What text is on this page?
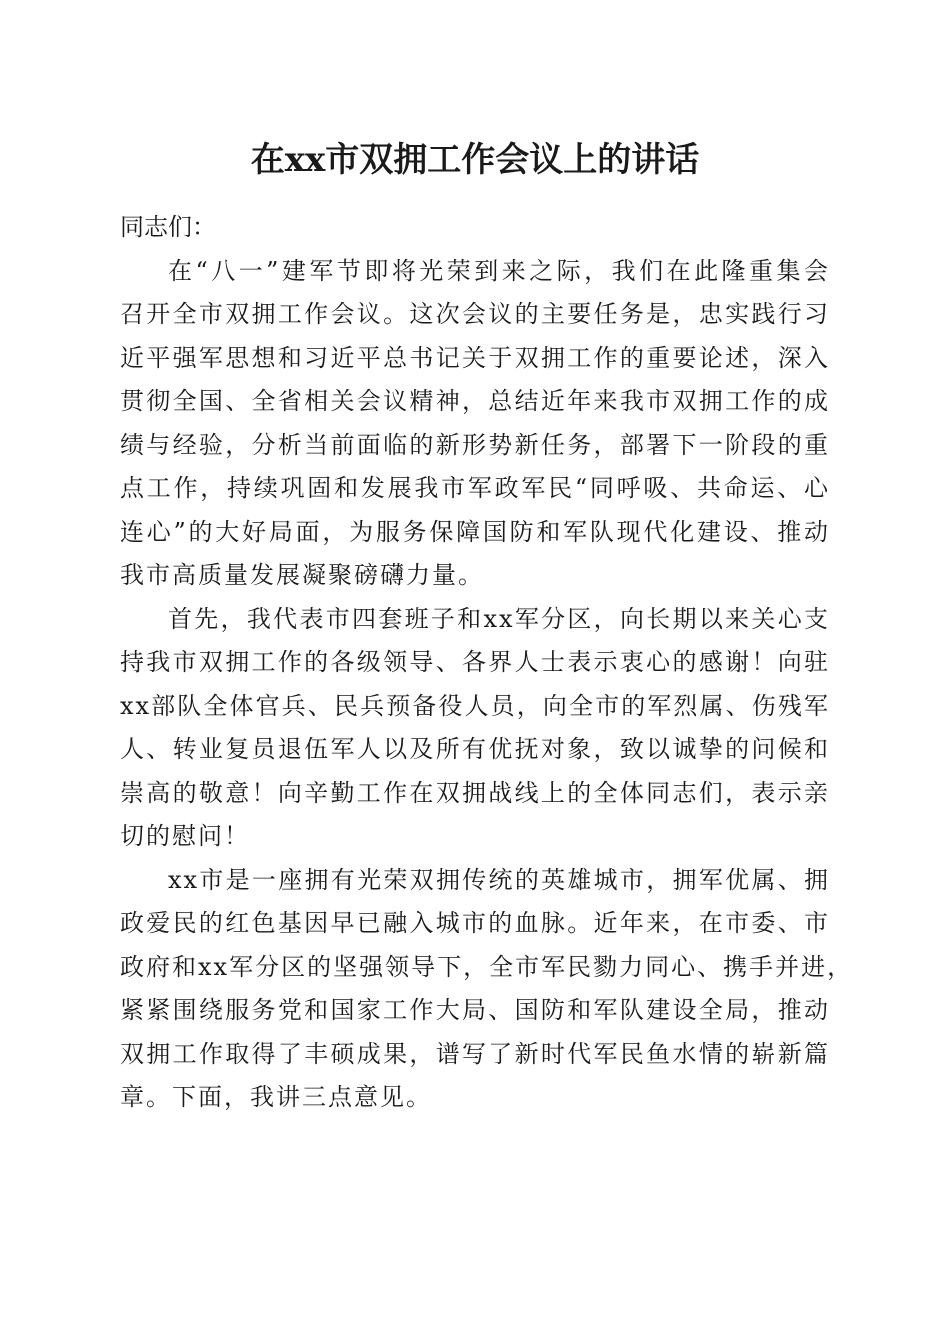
在xx市双拥工作会议上的讲话

同志们：

在“八一”建军节即将光荣到来之际，我们在此隆重集会
召开全市双拥工作会议。这次会议的主要任务是，忠实践行习
近平强军思想和习近平总书记关于双拥工作的重要论述，深入
贯彻全国、全省相关会议精神，总结近年来我市双拥工作的成
绩与经验，分析当前面临的新形势新任务，部署下一阶段的重
点工作，持续巩固和发展我市军政军民“同呼吸、共命运、心
连心”的大好局面，为服务保障国防和军队现代化建设、推动
我市高质量发展凝聚磅礴力量。

首先，我代表市四套班子和xx军分区，向长期以来关心支
持我市双拥工作的各级领导、各界人士表示衷心的感谢！向驻
xx部队全体官兵、民兵预备役人员，向全市的军烈属、伤残军
人、转业复员退伍军人以及所有优抚对象，致以诚挚的问候和
崇高的敬意！向辛勤工作在双拥战线上的全体同志们，表示亲
切的慰问！

xx市是一座拥有光荣双拥传统的英雄城市，拥军优属、拥
政爱民的红色基因早已融入城市的血脉。近年来，在市委、市
政府和xx军分区的坚强领导下，全市军民勠力同心、携手并进，
紧紧围绕服务党和国家工作大局、国防和军队建设全局，推动
双拥工作取得了丰硕成果，谱写了新时代军民鱼水情的崭新篇
章。下面，我讲三点意见。
